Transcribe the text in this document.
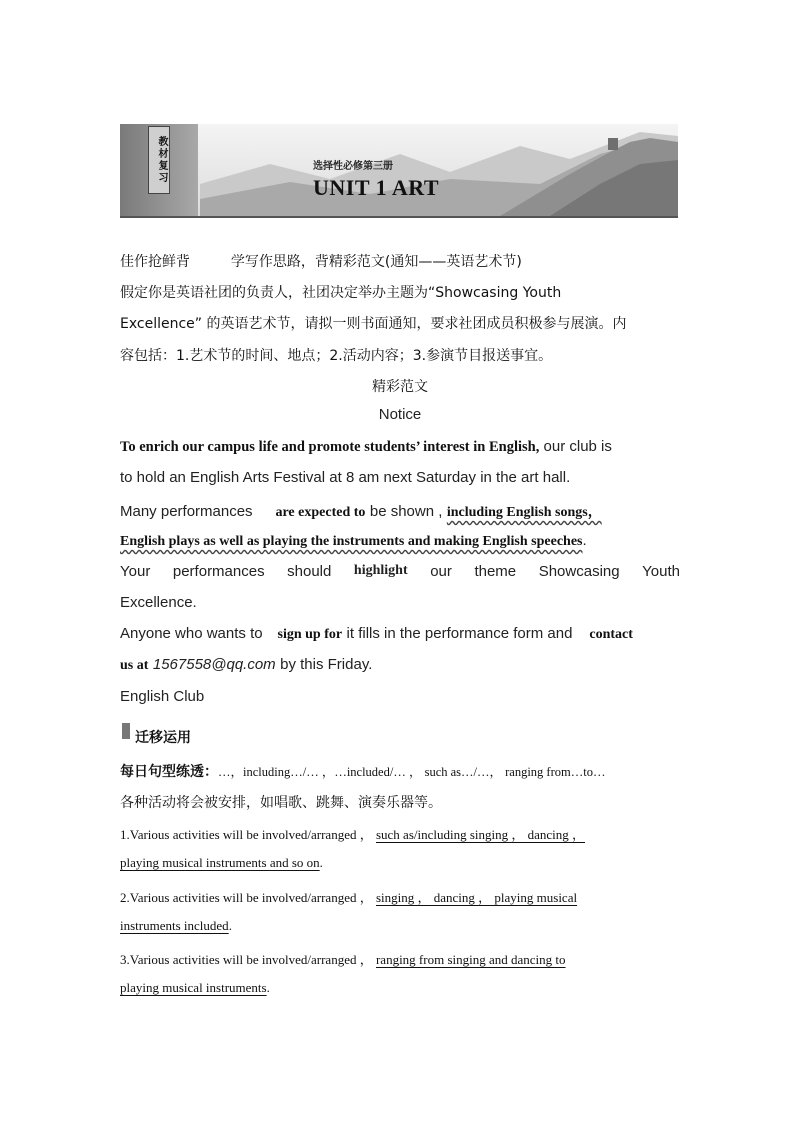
教材复习	选择性必修第三册
UNIT 1 ART
佳作抢鲜背	学写作思路，背精彩范文(通知——英语艺术节)
假定你是英语社团的负责人，社团决定举办主题为“Showcasing Youth
Excellence” 的英语艺术节，请拟一则书面通知，要求社团成员积极参与展演。内
容包括：1.艺术节的时间、地点；2.活动内容；3.参演节目报送事宜。
精彩范文
Notice
To enrich our campus life and promote students’ interest in English, our club is
to hold an English Arts Festival at 8 am next Saturday in the art hall.
Many performances are expected to be shown , including English songs，
English plays as well as playing the instruments and making English speeches.
Your performances should highlight our theme Showcasing Youth
Excellence.
Anyone who wants to sign up for it fills in the performance form and contact
us at 1567558@qq.com by this Friday.
English Club
迁移运用
每日句型练透：…，including…/… ，…included/… ， such as…/…， ranging from…to…
各种活动将会被安排，如唱歌、跳舞、演奏乐器等。
1.Various activities will be involved/arranged ， such as/including singing ， dancing ，
playing musical instruments and so on.
2.Various activities will be involved/arranged ， singing ， dancing ， playing musical
instruments included.
3.Various activities will be involved/arranged ， ranging from singing and dancing to
playing musical instruments.
